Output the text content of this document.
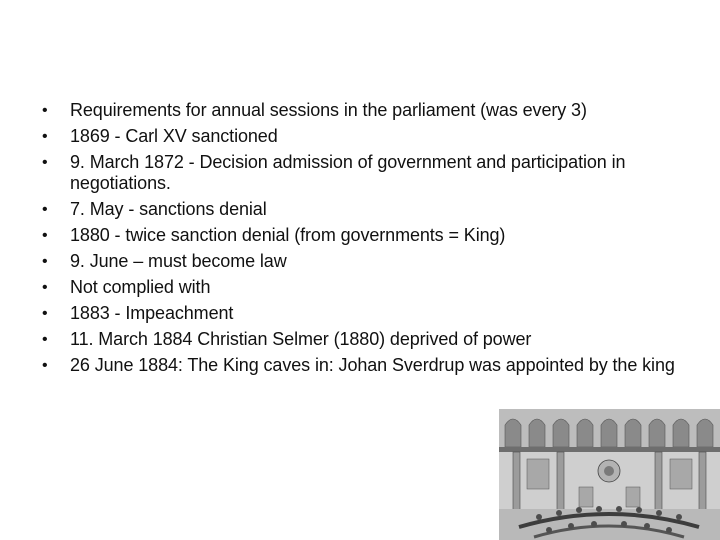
• Requirements for annual sessions in the parliament (was every 3)
• 1869 - Carl XV sanctioned
• 9. March 1872 - Decision admission of government and participation in negotiations.
• 7. May - sanctions denial
• 1880 - twice sanction denial (from governments = King)
• 9. June – must become law
• Not complied with
• 1883 - Impeachment
• 11. March 1884 Christian Selmer (1880) deprived of power
• 26 June 1884: The King caves in: Johan Sverdrup was appointed by the king
